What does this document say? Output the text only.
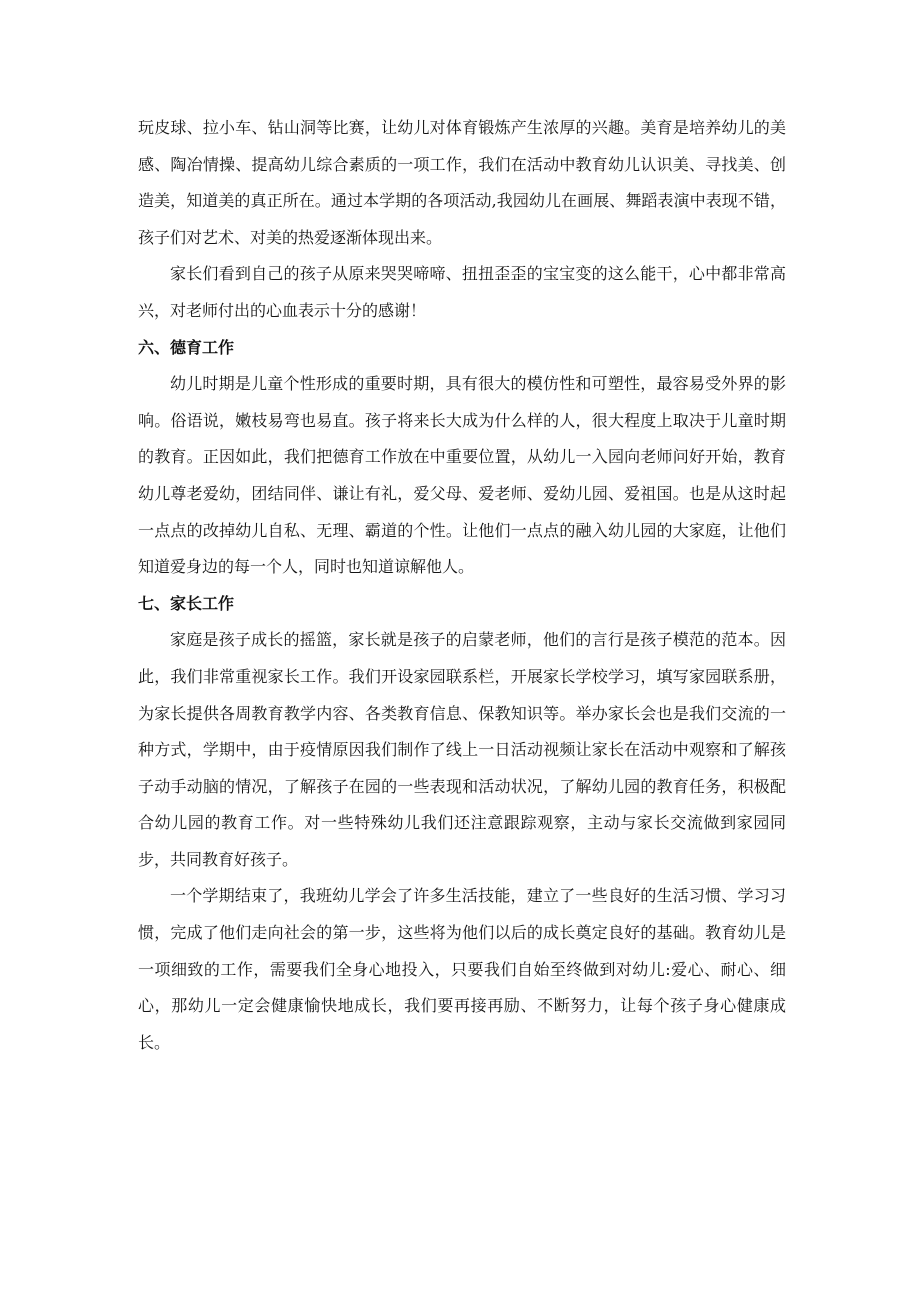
玩皮球、拉小车、钻山洞等比赛，让幼儿对体育锻炼产生浓厚的兴趣。美育是培养幼儿的美感、陶冶情操、提高幼儿综合素质的一项工作，我们在活动中教育幼儿认识美、寻找美、创造美，知道美的真正所在。通过本学期的各项活动,我园幼儿在画展、舞蹈表演中表现不错，孩子们对艺术、对美的热爱逐渐体现出来。

家长们看到自己的孩子从原来哭哭啼啼、扭扭歪歪的宝宝变的这么能干，心中都非常高兴，对老师付出的心血表示十分的感谢！

六、德育工作

幼儿时期是儿童个性形成的重要时期，具有很大的模仿性和可塑性，最容易受外界的影响。俗语说，嫩枝易弯也易直。孩子将来长大成为什么样的人，很大程度上取决于儿童时期的教育。正因如此，我们把德育工作放在中重要位置，从幼儿一入园向老师问好开始，教育幼儿尊老爱幼，团结同伴、谦让有礼，爱父母、爱老师、爱幼儿园、爱祖国。也是从这时起一点点的改掉幼儿自私、无理、霸道的个性。让他们一点点的融入幼儿园的大家庭，让他们知道爱身边的每一个人，同时也知道谅解他人。

七、家长工作

家庭是孩子成长的摇篮，家长就是孩子的启蒙老师，他们的言行是孩子模范的范本。因此，我们非常重视家长工作。我们开设家园联系栏，开展家长学校学习，填写家园联系册，为家长提供各周教育教学内容、各类教育信息、保教知识等。举办家长会也是我们交流的一种方式，学期中，由于疫情原因我们制作了线上一日活动视频让家长在活动中观察和了解孩子动手动脑的情况，了解孩子在园的一些表现和活动状况，了解幼儿园的教育任务，积极配合幼儿园的教育工作。对一些特殊幼儿我们还注意跟踪观察，主动与家长交流做到家园同步，共同教育好孩子。

一个学期结束了，我班幼儿学会了许多生活技能，建立了一些良好的生活习惯、学习习惯，完成了他们走向社会的第一步，这些将为他们以后的成长奠定良好的基础。教育幼儿是一项细致的工作，需要我们全身心地投入，只要我们自始至终做到对幼儿:爱心、耐心、细心，那幼儿一定会健康愉快地成长，我们要再接再励、不断努力，让每个孩子身心健康成长。
